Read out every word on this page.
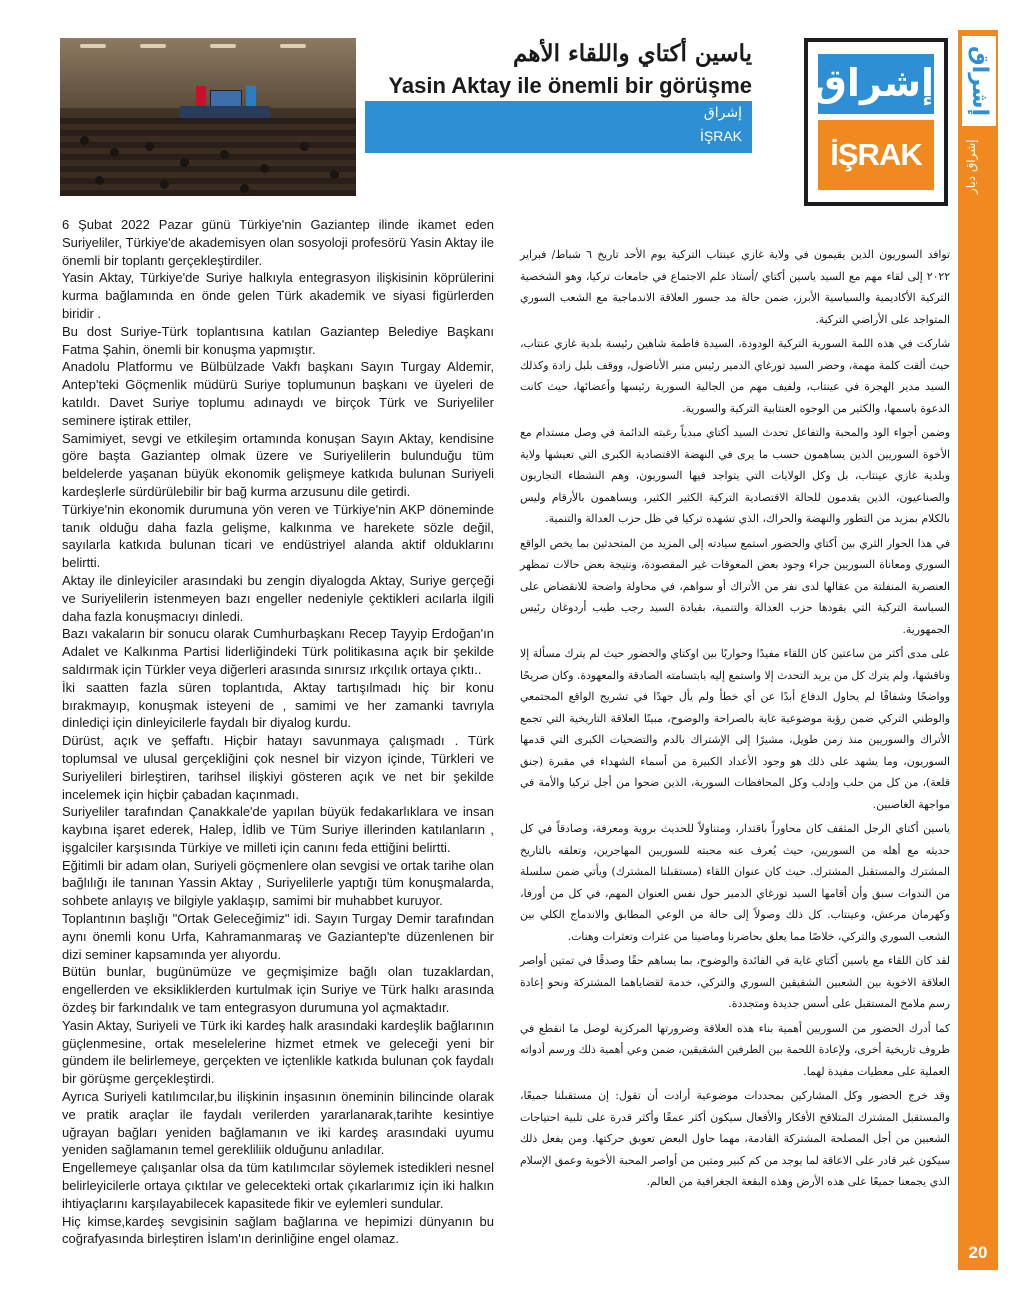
ياسين أكتاي واللقاء الأهم
Yasin Aktay ile önemli bir görüşme
إشراق
İŞRAK
إشراق
İŞRAK
إشراق
إشراق ديار
20

6 Şubat 2022 Pazar günü Türkiye'nin Gaziantep ilinde ikamet eden Suriyeliler, Türkiye'de akademisyen olan sosyoloji profesörü Yasin Aktay ile önemli bir toplantı gerçekleştirdiler.

Yasin Aktay, Türkiye'de Suriye halkıyla entegrasyon ilişkisinin köprülerini kurma bağlamında en önde gelen Türk akademik ve siyasi figürlerden biridir .

Bu dost Suriye-Türk toplantısına katılan Gaziantep Belediye Başkanı Fatma Şahin, önemli bir konuşma yapmıştır.

Anadolu Platformu ve Bülbülzade Vakfı başkanı Sayın Turgay Aldemir, Antep'teki Göçmenlik müdürü Suriye toplumunun başkanı ve üyeleri de katıldı. Davet Suriye toplumu adınaydı ve birçok Türk ve Suriyeliler seminere iştirak ettiler,

Samimiyet, sevgi ve etkileşim ortamında konuşan Sayın Aktay, kendisine göre başta Gaziantep olmak üzere ve Suriyelilerin bulunduğu tüm beldelerde yaşanan büyük ekonomik gelişmeye katkıda bulunan Suriyeli kardeşlerle sürdürülebilir bir bağ kurma arzusunu dile getirdi.

Türkiye'nin ekonomik durumuna yön veren ve Türkiye'nin AKP döneminde tanık olduğu daha fazla gelişme, kalkınma ve harekete sözle değil, sayılarla katkıda bulunan ticari ve endüstriyel alanda aktif olduklarını belirtti.

Aktay ile dinleyiciler arasındaki bu zengin diyalogda Aktay, Suriye gerçeği ve Suriyelilerin istenmeyen bazı engeller nedeniyle çektikleri acılarla ilgili daha fazla konuşmacıyı dinledi.

Bazı vakaların bir sonucu olarak Cumhurbaşkanı Recep Tayyip Erdoğan'ın Adalet ve Kalkınma Partisi liderliğindeki Türk politikasına açık bir şekilde saldırmak için Türkler veya diğerleri arasında sınırsız ırkçılık ortaya çıktı..

İki saatten fazla süren toplantıda, Aktay tartışılmadı hiç bir konu bırakmayıp, konuşmak isteyeni de , samimi ve her zamanki tavrıyla dinlediçi için dinleyicilerle faydalı bir diyalog kurdu.

Dürüst, açık ve şeffaftı. Hiçbir hatayı savunmaya çalışmadı . Türk toplumsal ve ulusal gerçekliğini çok nesnel bir vizyon içinde, Türkleri ve Suriyelileri birleştiren, tarihsel ilişkiyi gösteren açık ve net bir şekilde incelemek için hiçbir çabadan kaçınmadı.

Suriyeliler tarafından Çanakkale'de yapılan büyük fedakarlıklara ve insan kaybına işaret ederek, Halep, İdlib ve Tüm Suriye illerinden katılanların , işgalciler karşısında Türkiye ve milleti için canını feda ettiğini belirtti.

Eğitimli bir adam olan, Suriyeli göçmenlere olan sevgisi ve ortak tarihe olan bağlılığı ile tanınan Yassin Aktay , Suriyelilerle yaptığı tüm konuşmalarda, sohbete anlayış ve bilgiyle yaklaşıp, samimi bir muhabbet kuruyor.

Toplantının başlığı "Ortak Geleceğimiz" idi. Sayın Turgay Demir tarafından aynı önemli konu Urfa, Kahramanmaraş ve Gaziantep'te düzenlenen bir dizi seminer kapsamında yer alıyordu.

Bütün bunlar, bugünümüze ve geçmişimize bağlı olan tuzaklardan, engellerden ve eksikliklerden kurtulmak için Suriye ve Türk halkı arasında özdeş bir farkındalık ve tam entegrasyon durumuna yol açmaktadır.

Yasin Aktay, Suriyeli ve Türk iki kardeş halk arasındaki kardeşlik bağlarının güçlenmesine, ortak meselelerine hizmet etmek ve geleceği yeni bir gündem ile belirlemeye, gerçekten ve içtenlikle katkıda bulunan çok faydalı bir görüşme gerçekleştirdi.

Ayrıca Suriyeli katılımcılar,bu ilişkinin inşasının öneminin bilincinde olarak ve pratik araçlar ile faydalı verilerden yararlanarak,tarihte kesintiye uğrayan bağları yeniden bağlamanın ve iki kardeş arasındaki uyumu yeniden sağlamanın temel gerekliliik olduğunu anladılar.

Engellemeye çalışanlar olsa da tüm katılımcılar söylemek istedikleri nesnel belirleyicilerle ortaya çıktılar ve gelecekteki ortak çıkarlarımız için iki halkın ihtiyaçlarını karşılayabilecek kapasitede fikir ve eylemleri sundular.

Hiç kimse,kardeş sevgisinin sağlam bağlarına ve hepimizi dünyanın bu coğrafyasında birleştiren İslam'ın derinliğine engel olamaz.

توافد السوريون الذين يقيمون في ولاية غازي عينتاب التركية يوم الأحد تاريخ ٦ شباط/ فبراير ٢٠٢٢ إلى لقاء مهم مع السيد ياسين أكتاي /أستاذ علم الاجتماع في جامعات تركيا، وهو الشخصية التركية الأكاديمية والسياسية الأبرز، ضمن حالة مد جسور العلاقة الاندماجية مع الشعب السوري المتواجد على الأراضي التركية.

شاركت في هذه اللمة السورية التركية الودودة، السيدة فاطمة شاهين رئيسة بلدية غازي عنتاب، حيث ألقت كلمة مهمة، وحضر السيد تورغاي الدمير رئيس منبر الأناضول، ووقف بلبل زادة وكذلك السيد مدير الهجرة في عينتاب، ولفيف مهم من الجالية السورية رئيسها وأعضائها، حيث كانت الدعوة باسمها، والكثير من الوجوه العنتابية التركية والسورية.

وضمن أجواء الود والمحبة والتفاعل تحدث السيد أكتاي مبدياً رغبته الدائمة في وصل مستدام مع الأخوة السوريين الذين يساهمون حسب ما يرى في النهضة الاقتصادية الكبرى التي تعيشها ولاية وبلدية غازي عينتاب، بل وكل الولايات التي يتواجد فيها السوريون، وهم النشطاء التجاريون والصناعيون، الذين يقدمون للحالة الاقتصادية التركية الكثير الكثير، ويساهمون بالأرقام وليس بالكلام بمزيد من التطور والنهضة والحراك، الذي تشهده تركيا في ظل حزب العدالة والتنمية.

في هذا الحوار الثري بين أكتاي والحضور استمع سيادته إلى المزيد من المتحدثين بما يخص الواقع السوري ومعاناة السوريين جراء وجود بعض المعوقات غير المقصودة، ونتيجة بعض حالات تمظهر العنصرية المنفلتة من عقالها لدى نفر من الأتراك أو سواهم، في محاولة واضحة للانقضاض على السياسة التركية التي يقودها حزب العدالة والتنمية، بقيادة السيد رجب طيب أردوغان رئيس الجمهورية.

على مدى أكثر من ساعتين كان اللقاء مفيدًا وحواريًا بين اوكتاي والحضور حيث لم يترك مسألة إلا وناقشها، ولم يترك كل من يريد التحدث إلا واستمع إليه بابتسامته الصادقة والمعهودة. وكان صريحًا وواضحًا وشفافًا لم يحاول الدفاع أبدًا عن أي خطأ ولم يأل جهدًا في تشريح الواقع المجتمعي والوطني التركي ضمن رؤية موضوعية غاية بالصراحة والوضوح، مبينًا العلاقة التاريخية التي تجمع الأتراك والسوريين منذ زمن طويل، مشيرًا إلى الإشتراك بالدم والتضحيات الكبرى التي قدمها السوريون، وما يشهد على ذلك هو وجود الأعداد الكبيرة من أسماء الشهداء في مقبرة (جنق قلعة)، من كل من حلب وإدلب وكل المحافظات السورية، الذين ضحوا من أجل تركيا والأمة في مواجهة الغاصبين.

ياسين أكتاي الرجل المثقف كان محاوراً باقتدار، ومتناولاً للحديث بروية ومعرفة، وصادقاً في كل حديثه مع أهله من السوريين، حيث يُعرف عنه محبته للسوريين المهاجرين، وتعلقه بالتاريخ المشترك والمستقبل المشترك. حيث كان عنوان اللقاء (مستقبلنا المشترك) ويأتي ضمن سلسلة من الندوات سبق وأن أقامها السيد تورغاي الدمير حول نفس العنوان المهم، في كل من أورفا، وكهرمان مرعش، وعينتاب. كل ذلك وصولاً إلى حالة من الوعي المطابق والاندماج الكلي بين الشعب السوري والتركي، خلاصًا مما يعلق بحاضرنا وماضينا من عثرات وتعثرات وهنات.

لقد كان اللقاء مع ياسين أكتاي غاية في الفائدة والوضوح، بما يساهم حقًا وصدقًا في تمتين أواصر العلاقة الاخوية بين الشعبين الشقيقين السوري والتركي، خدمة لقضاياهما المشتركة ونحو إعادة رسم ملامح المستقبل على أسس جديدة ومتجددة.

كما أدرك الحضور من السوريين أهمية بناء هذه العلاقة وضرورتها المركزية لوصل ما انقطع في ظروف تاريخية أخرى، ولإعادة اللحمة بين الطرفين الشقيقين، ضمن وعي أهمية ذلك ورسم أدواته العملية على معطيات مفيدة لهما.

وقد خرج الحضور وكل المشاركين بمحددات موضوعية أرادت أن تقول: إن مستقبلنا جميعًا، والمستقبل المشترك المتلاقح الأفكار والأفعال سيكون أكثر عمقًا وأكثر قدرة على تلبية احتياجات الشعبين من أجل المصلحة المشتركة القادمة، مهما حاول البعض تعويق حركتها. ومن يفعل ذلك سيكون غير قادر على الاعاقة لما يوجد من كم كبير ومتين من أواصر المحبة الأخوية وعمق الإسلام الذي يجمعنا جميعًا على هذه الأرض وهذه البقعة الجغرافية من العالم.
